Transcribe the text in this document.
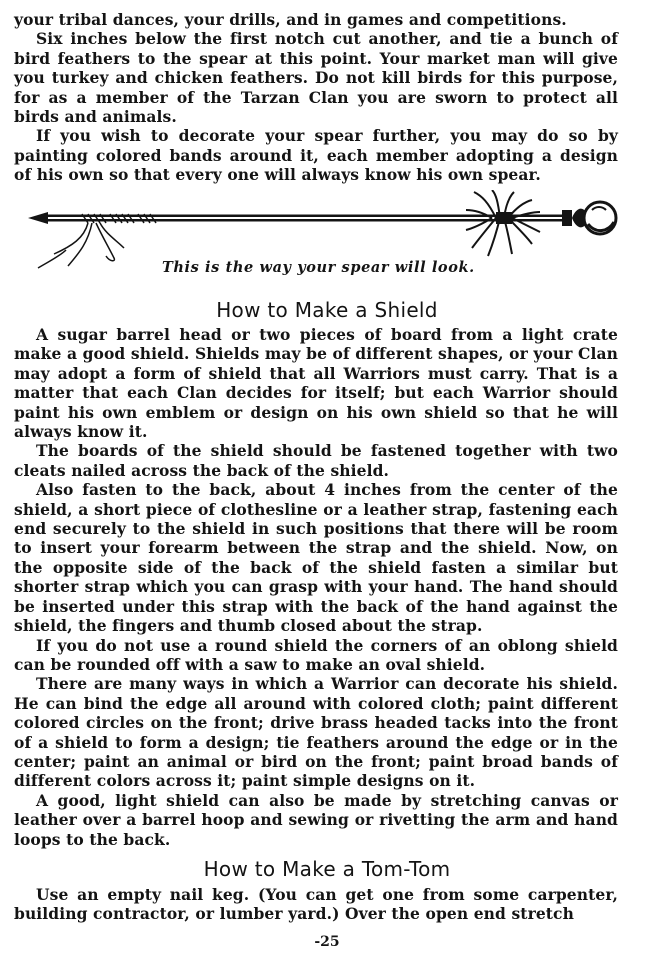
your tribal dances, your drills, and in games and competitions.

Six inches below the first notch cut another, and tie a bunch of bird feathers to the spear at this point. Your market man will give you turkey and chicken feathers. Do not kill birds for this purpose, for as a member of the Tarzan Clan you are sworn to protect all birds and animals.

If you wish to decorate your spear further, you may do so by painting colored bands around it, each member adopting a design of his own so that every one will always know his own spear.

This is the way your spear will look.
How to Make a Shield

A sugar barrel head or two pieces of board from a light crate make a good shield. Shields may be of different shapes, or your Clan may adopt a form of shield that all Warriors must carry. That is a matter that each Clan decides for itself; but each Warrior should paint his own emblem or design on his own shield so that he will always know it.

The boards of the shield should be fastened together with two cleats nailed across the back of the shield.

Also fasten to the back, about 4 inches from the center of the shield, a short piece of clothesline or a leather strap, fastening each end securely to the shield in such positions that there will be room to insert your forearm between the strap and the shield. Now, on the opposite side of the back of the shield fasten a similar but shorter strap which you can grasp with your hand. The hand should be inserted under this strap with the back of the hand against the shield, the fingers and thumb closed about the strap.

If you do not use a round shield the corners of an oblong shield can be rounded off with a saw to make an oval shield.

There are many ways in which a Warrior can decorate his shield. He can bind the edge all around with colored cloth; paint different colored circles on the front; drive brass headed tacks into the front of a shield to form a design; tie feathers around the edge or in the center; paint an animal or bird on the front; paint broad bands of different colors across it; paint simple designs on it.

A good, light shield can also be made by stretching canvas or leather over a barrel hoop and sewing or rivetting the arm and hand loops to the back.

How to Make a Tom-Tom

Use an empty nail keg. (You can get one from some carpenter, building contractor, or lumber yard.) Over the open end stretch

-25
